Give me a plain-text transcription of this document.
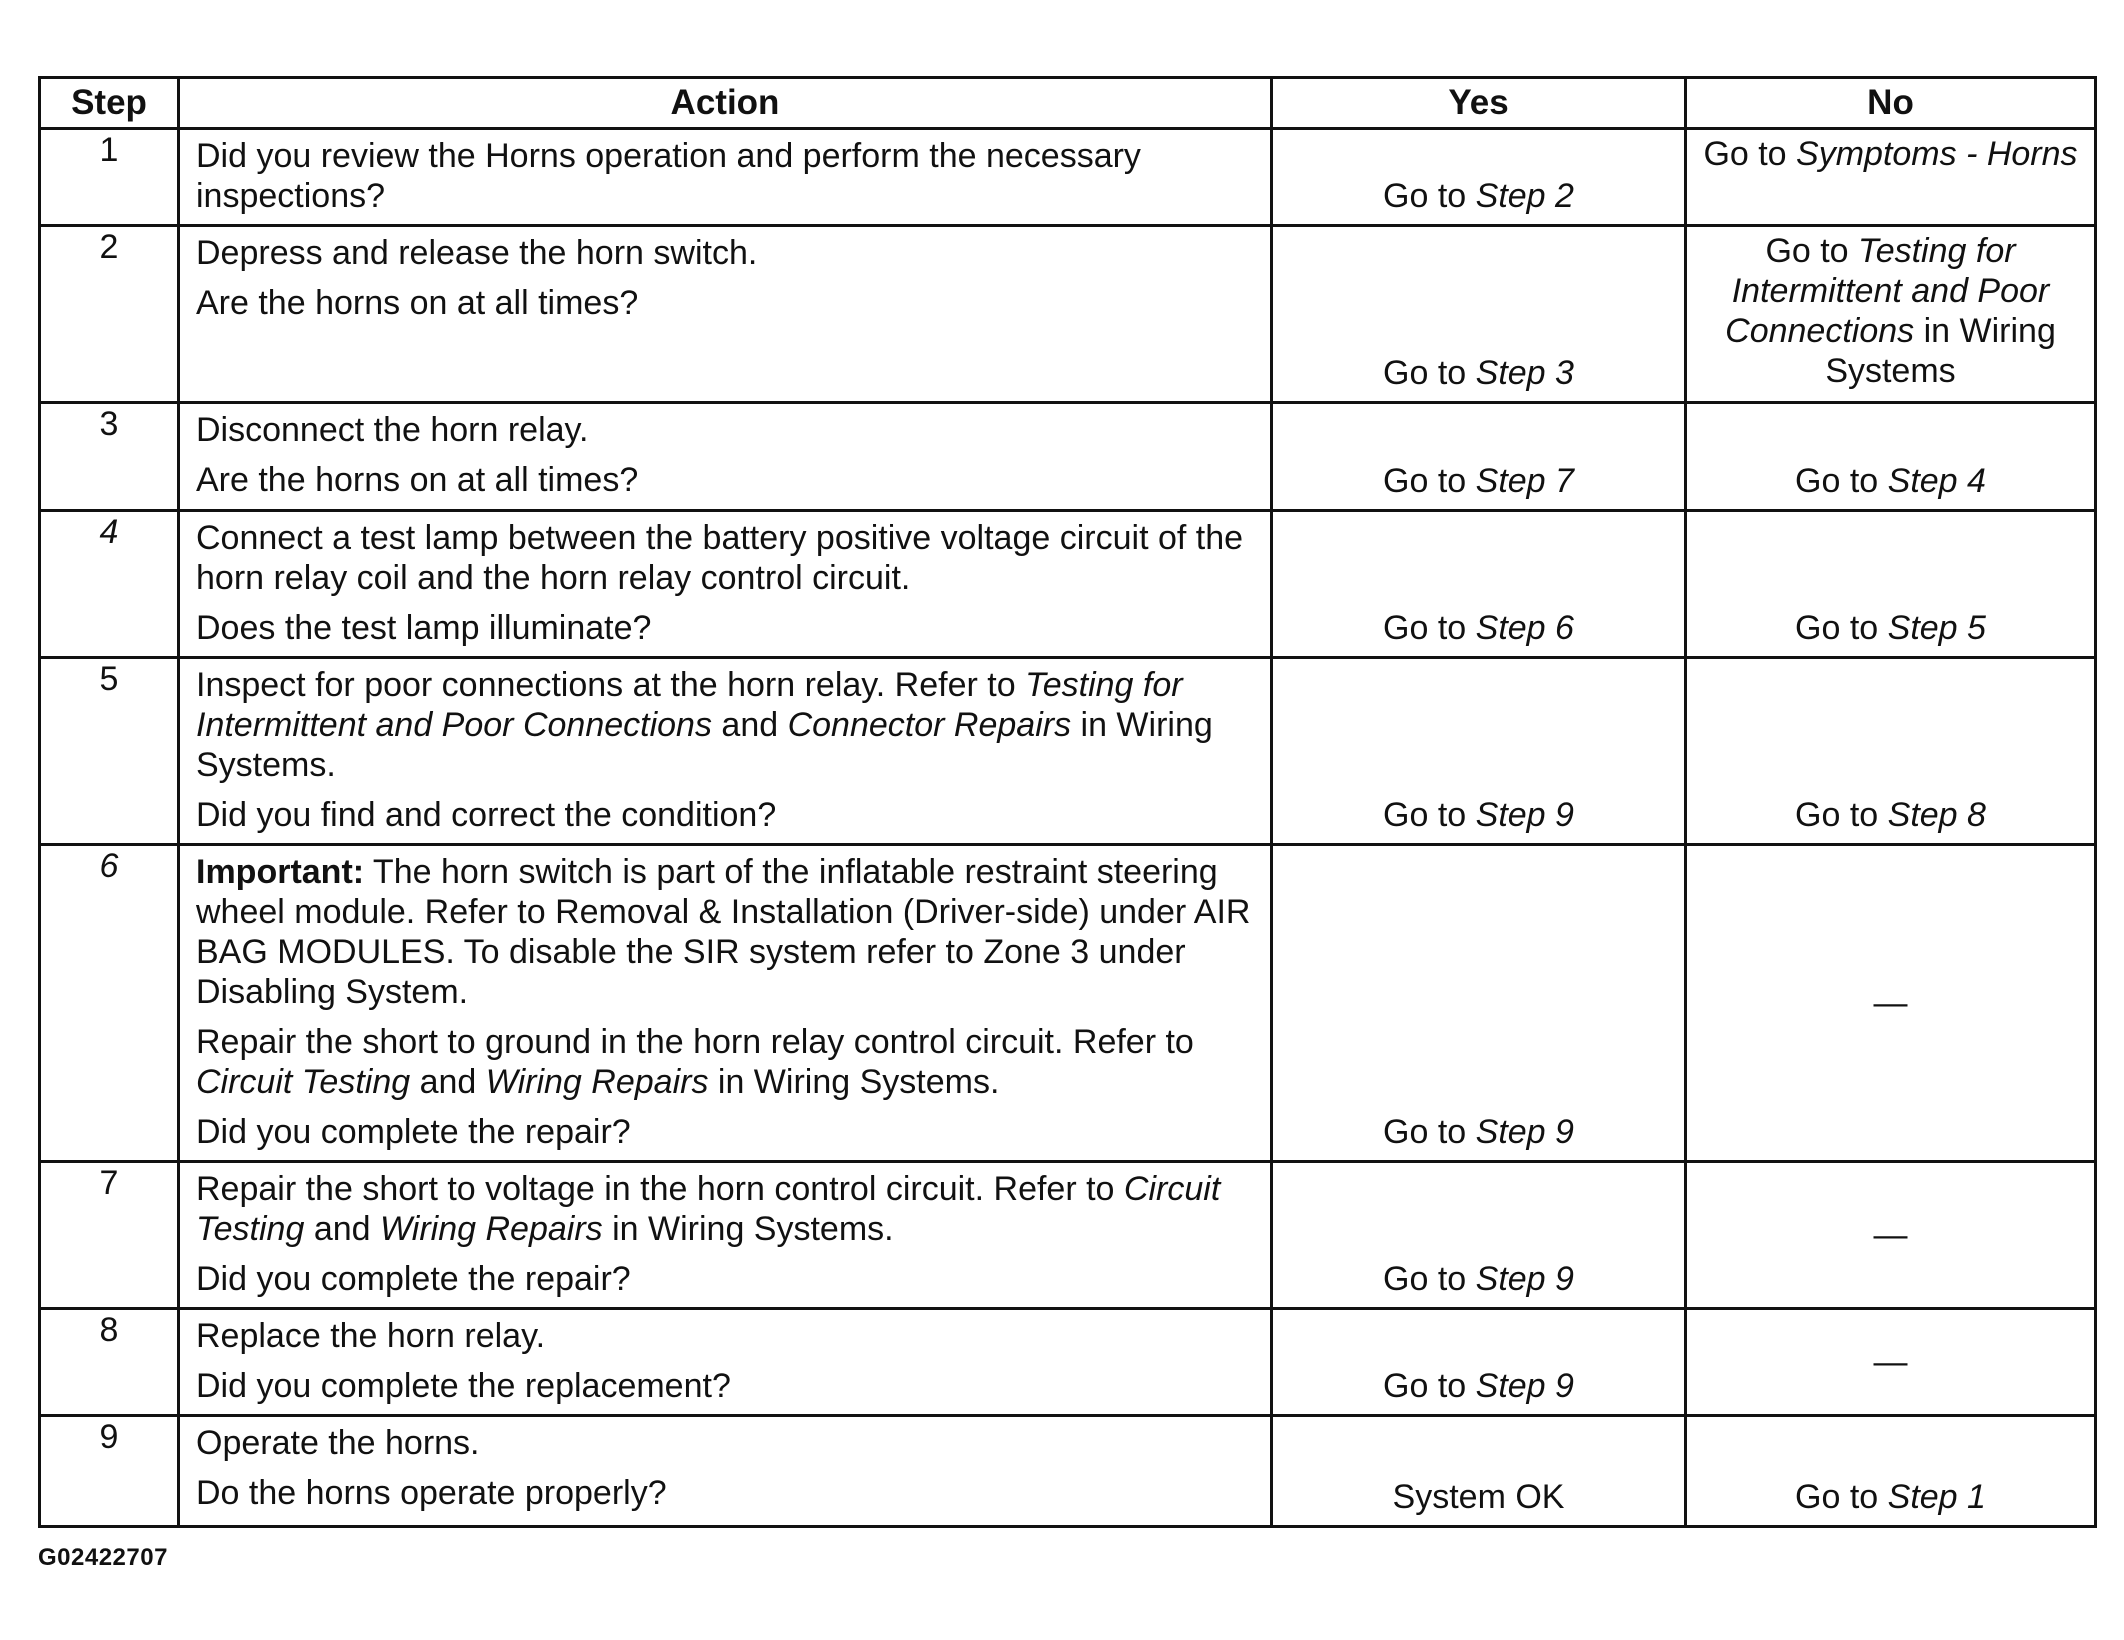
Step	Action	Yes	No
1	Did you review the Horns operation and perform the necessary inspections?	Go to Step 2	Go to Symptoms - Horns

2	Depress and release the horn switch.

Are the horns on at all times?	Go to Step 3	Go to Testing for Intermittent and Poor Connections in Wiring Systems

3	Disconnect the horn relay.

Are the horns on at all times?	Go to Step 7	Go to Step 4

4	Connect a test lamp between the battery positive voltage circuit of the horn relay coil and the horn relay control circuit.

Does the test lamp illuminate?	Go to Step 6	Go to Step 5

5	Inspect for poor connections at the horn relay. Refer to Testing for Intermittent and Poor Connections and Connector Repairs in Wiring Systems.

Did you find and correct the condition?	Go to Step 9	Go to Step 8

6	Important: The horn switch is part of the inflatable restraint steering wheel module. Refer to Removal & Installation (Driver-side) under AIR BAG MODULES. To disable the SIR system refer to Zone 3 under Disabling System.

Repair the short to ground in the horn relay control circuit. Refer to Circuit Testing and Wiring Repairs in Wiring Systems.

Did you complete the repair?	Go to Step 9	—

7	Repair the short to voltage in the horn control circuit. Refer to Circuit Testing and Wiring Repairs in Wiring Systems.

Did you complete the repair?	Go to Step 9	—

8	Replace the horn relay.

Did you complete the replacement?	Go to Step 9	—

9	Operate the horns.

Do the horns operate properly?	System OK	Go to Step 1
G02422707
